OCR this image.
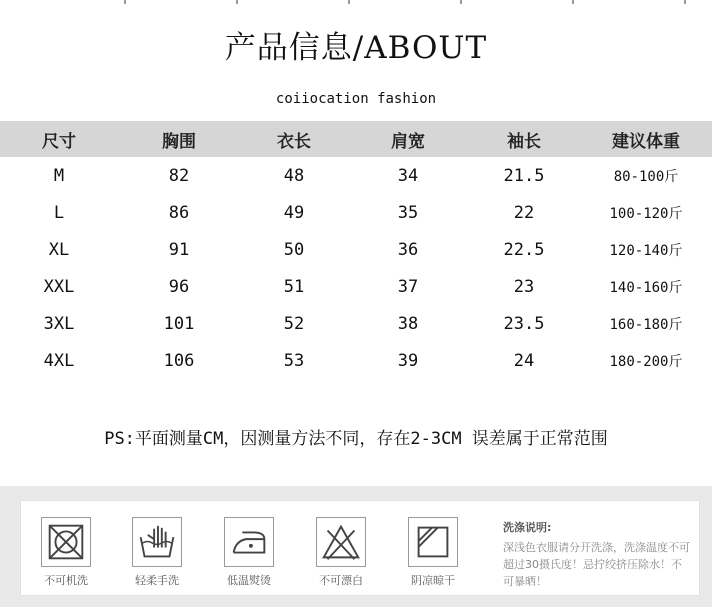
产品信息/ABOUT
coiiocation fashion
尺寸	胸围	衣长	肩宽	袖长	建议体重
M	82	48	34	21.5	80-100斤
L	86	49	35	22	100-120斤
XL	91	50	36	22.5	120-140斤
XXL	96	51	37	23	140-160斤
3XL	101	52	38	23.5	160-180斤
4XL	106	53	39	24	180-200斤
PS:平面测量CM，因测量方法不同，存在2-3CM 误差属于正常范围
不可机洗	轻柔手洗	低温熨烫	不可漂白	阴凉晾干
洗涤说明:
深浅色衣服请分开洗涤，洗涤温度不可超过30摄氏度！忌拧绞挤压除水！不可暴晒！
